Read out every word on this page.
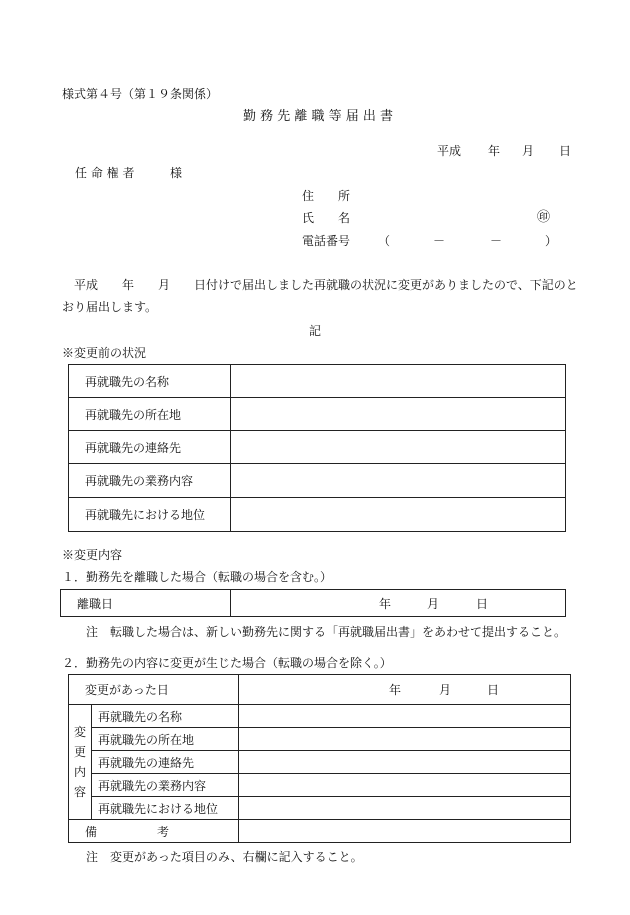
様式第４号（第１９条関係）
勤 務 先 離 職 等 届 出 書
平成 年 月 日
任 命 権 者	様
住　　所
氏　　名	㊞
電話番号 （	－	－	）
平成　　年　　月　　日付けで届出しました再就職の状況に変更がありましたので、下記のと
おり届出します。
記
※変更前の状況
再就職先の名称	
再就職先の所在地	
再就職先の連絡先	
再就職先の業務内容	
再就職先における地位	
※変更内容
１．勤務先を離職した場合（転職の場合を含む。）
離職日	年	月	日
注　転職した場合は、新しい勤務先に関する「再就職届出書」をあわせて提出すること。
２．勤務先の内容に変更が生じた場合（転職の場合を除く。）
変更があった日		年 月 日

変
更
内
容	再就職先の名称	
	再就職先の所在地	
	再就職先の連絡先	
	再就職先の業務内容	
	再就職先における地位	
備　　　　　考		
注　変更があった項目のみ、右欄に記入すること。
